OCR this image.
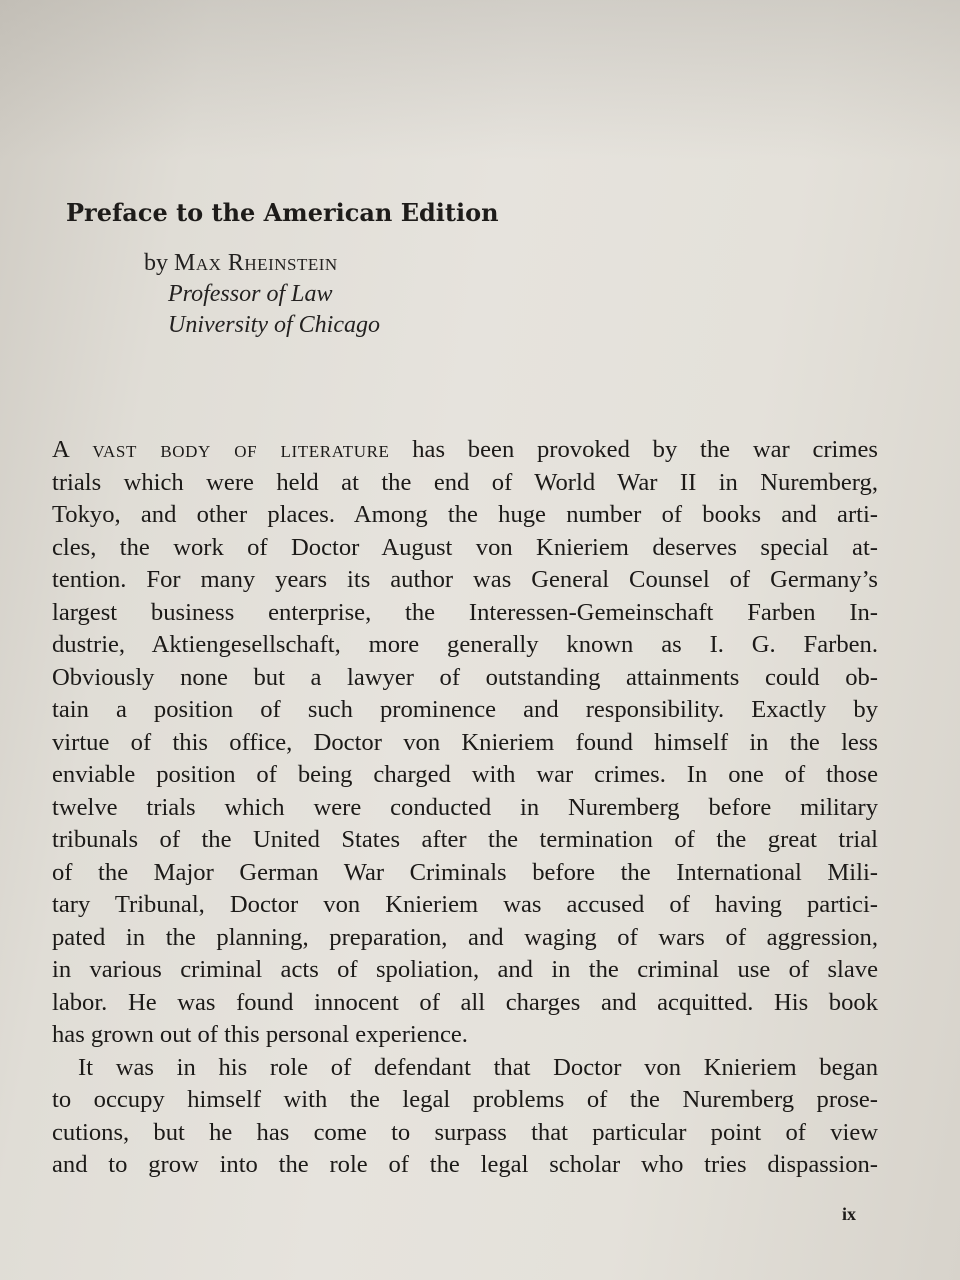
Preface to the American Edition
by Max Rheinstein
Professor of Law
University of Chicago
A vast body of literature has been provoked by the war crimes
trials which were held at the end of World War II in Nuremberg,
Tokyo, and other places. Among the huge number of books and arti-
cles, the work of Doctor August von Knieriem deserves special at-
tention. For many years its author was General Counsel of Germany’s
largest business enterprise, the Interessen-Gemeinschaft Farben In-
dustrie, Aktiengesellschaft, more generally known as I. G. Farben.
Obviously none but a lawyer of outstanding attainments could ob-
tain a position of such prominence and responsibility. Exactly by
virtue of this office, Doctor von Knieriem found himself in the less
enviable position of being charged with war crimes. In one of those
twelve trials which were conducted in Nuremberg before military
tribunals of the United States after the termination of the great trial
of the Major German War Criminals before the International Mili-
tary Tribunal, Doctor von Knieriem was accused of having partici-
pated in the planning, preparation, and waging of wars of aggression,
in various criminal acts of spoliation, and in the criminal use of slave
labor. He was found innocent of all charges and acquitted. His book
has grown out of this personal experience.
It was in his role of defendant that Doctor von Knieriem began
to occupy himself with the legal problems of the Nuremberg prose-
cutions, but he has come to surpass that particular point of view
and to grow into the role of the legal scholar who tries dispassion-
ix
